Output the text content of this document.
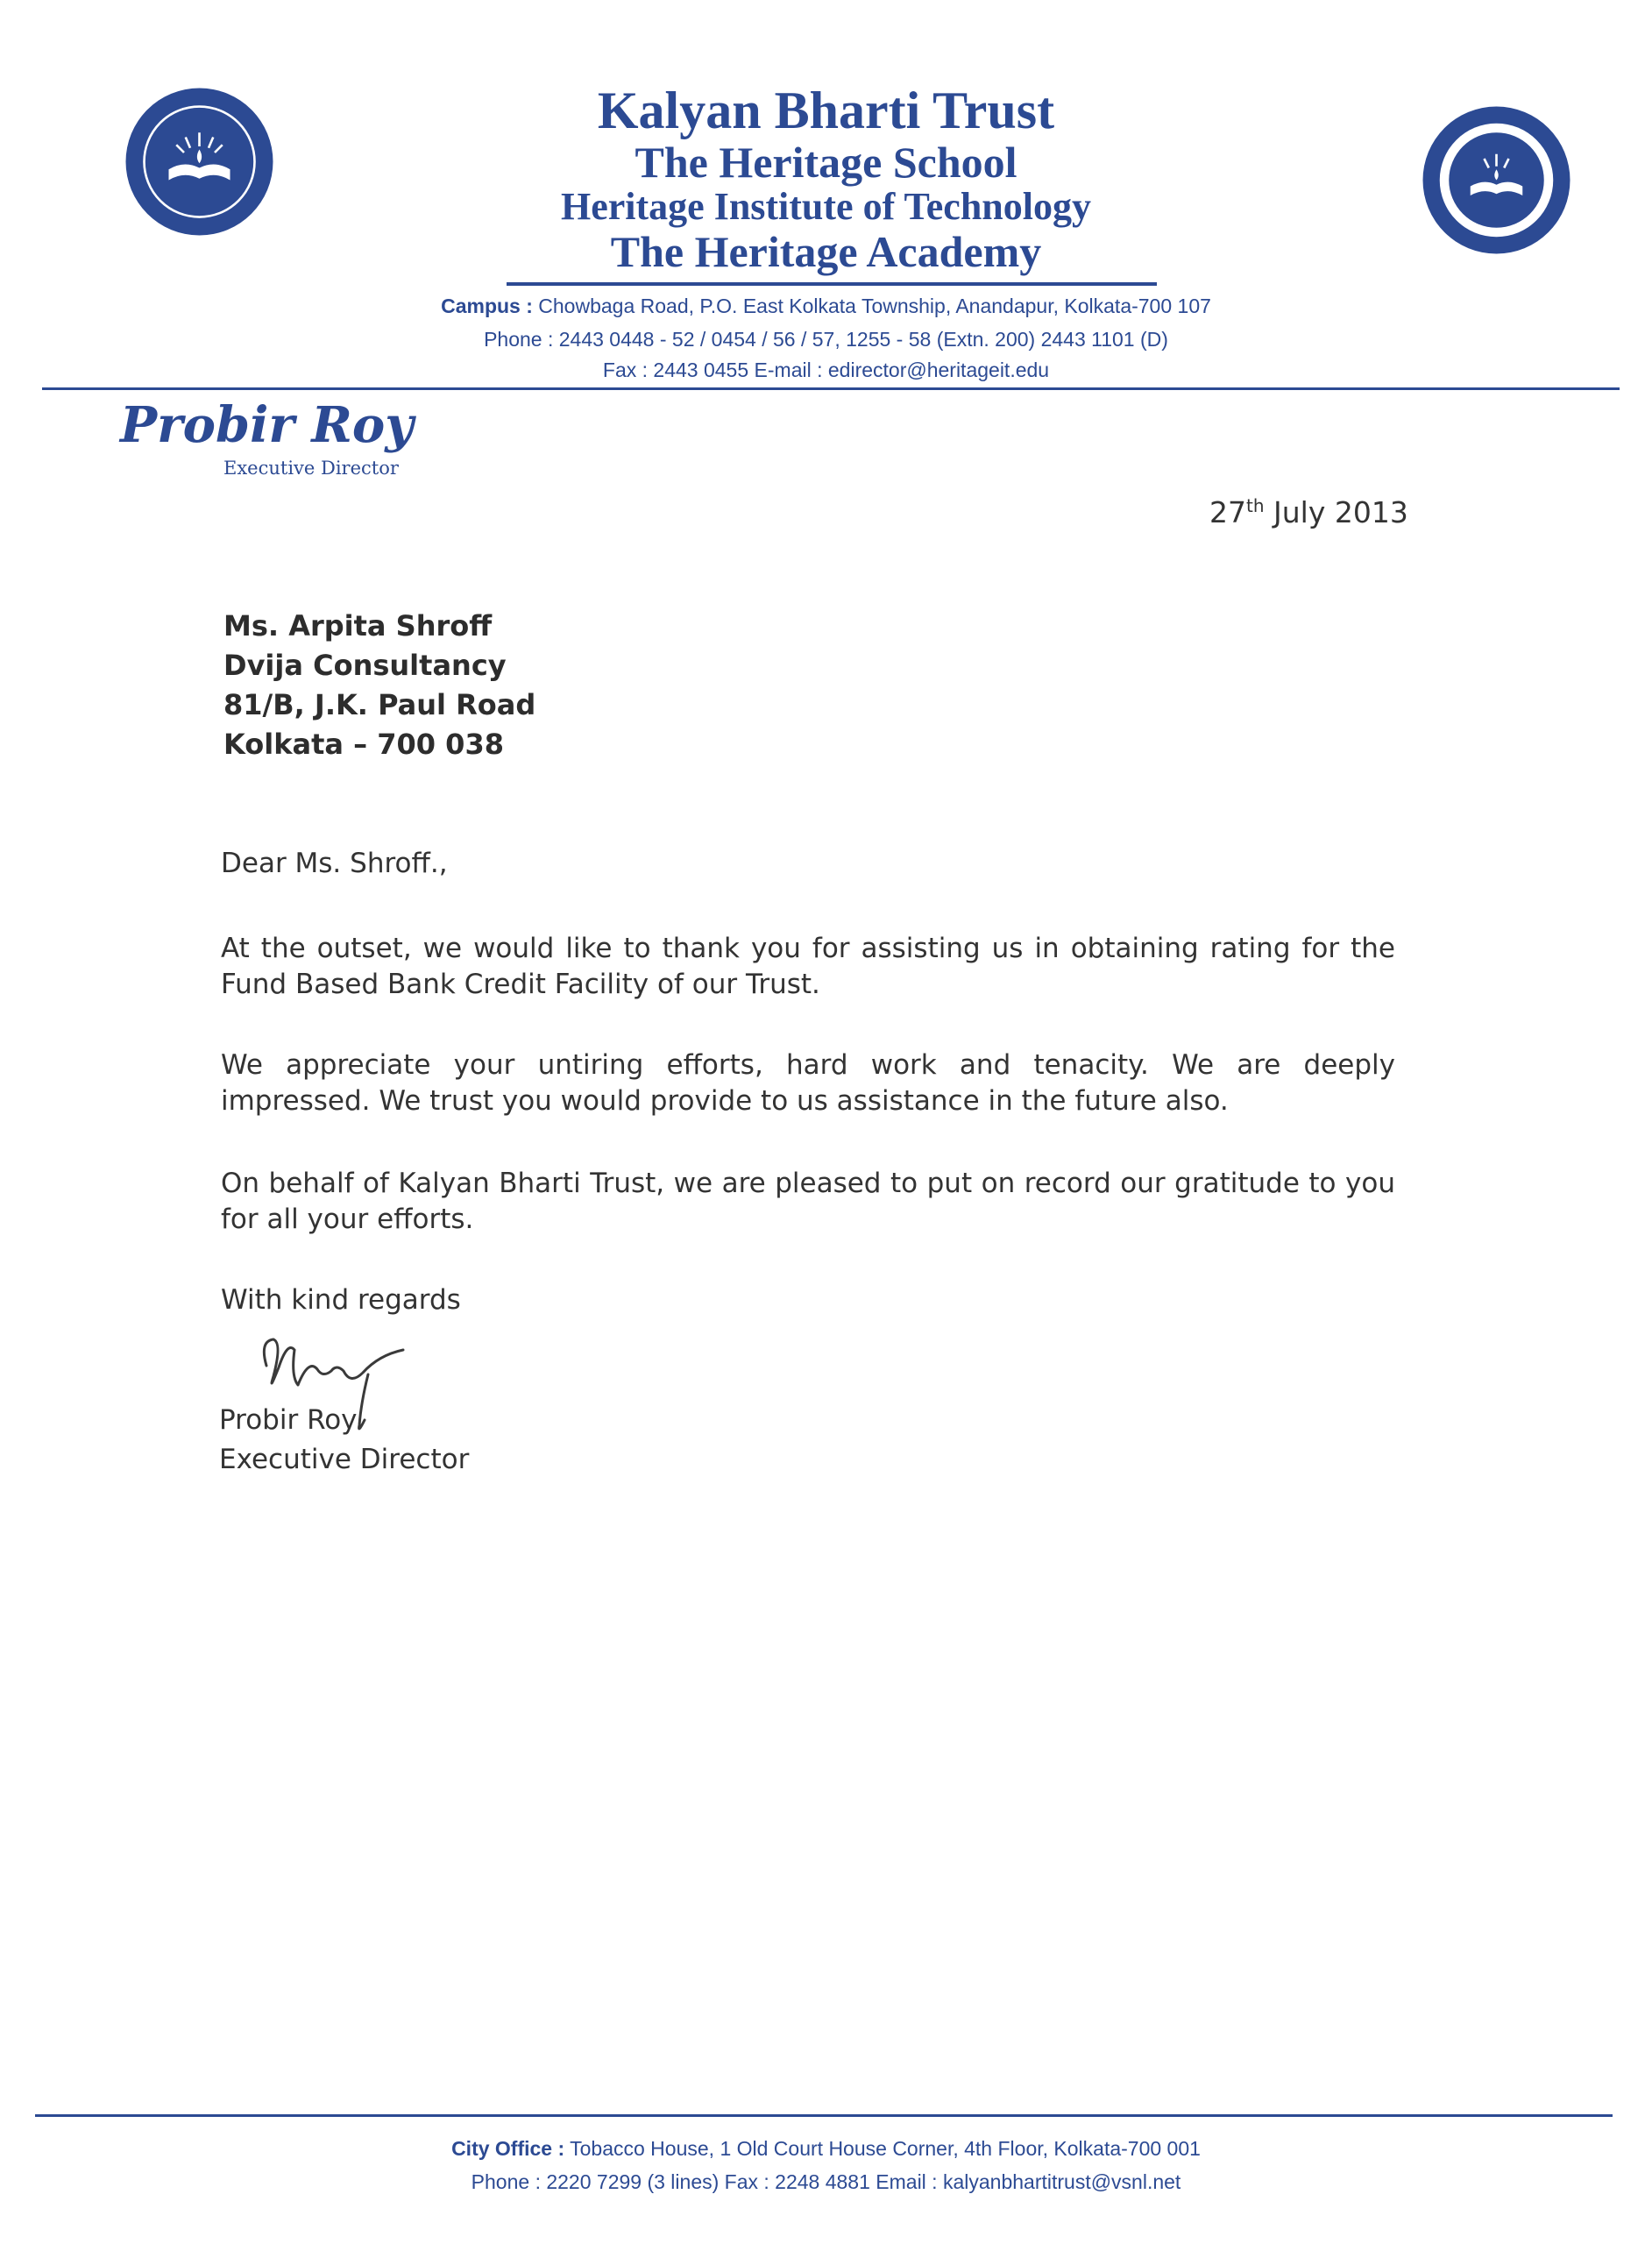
Kalyan Bharti Trust
The Heritage School
Heritage Institute of Technology
The Heritage Academy
Campus : Chowbaga Road, P.O. East Kolkata Township, Anandapur, Kolkata-700 107
Phone : 2443 0448 - 52 / 0454 / 56 / 57, 1255 - 58 (Extn. 200) 2443 1101 (D)
Fax : 2443 0455 E-mail : edirector@heritageit.edu
Probir Roy
Executive Director
27th July 2013
Ms. Arpita Shroff
Dvija Consultancy
81/B, J.K. Paul Road
Kolkata – 700 038
Dear Ms. Shroff.,
At the outset, we would like to thank you for assisting us in obtaining rating for the Fund Based Bank Credit Facility of our Trust.
We appreciate your untiring efforts, hard work and tenacity. We are deeply impressed. We trust you would provide to us assistance in the future also.
On behalf of Kalyan Bharti Trust, we are pleased to put on record our gratitude to you for all your efforts.
With kind regards
Probir Roy
Executive Director
City Office : Tobacco House, 1 Old Court House Corner, 4th Floor, Kolkata-700 001
Phone : 2220 7299 (3 lines) Fax : 2248 4881 Email : kalyanbhartitrust@vsnl.net
